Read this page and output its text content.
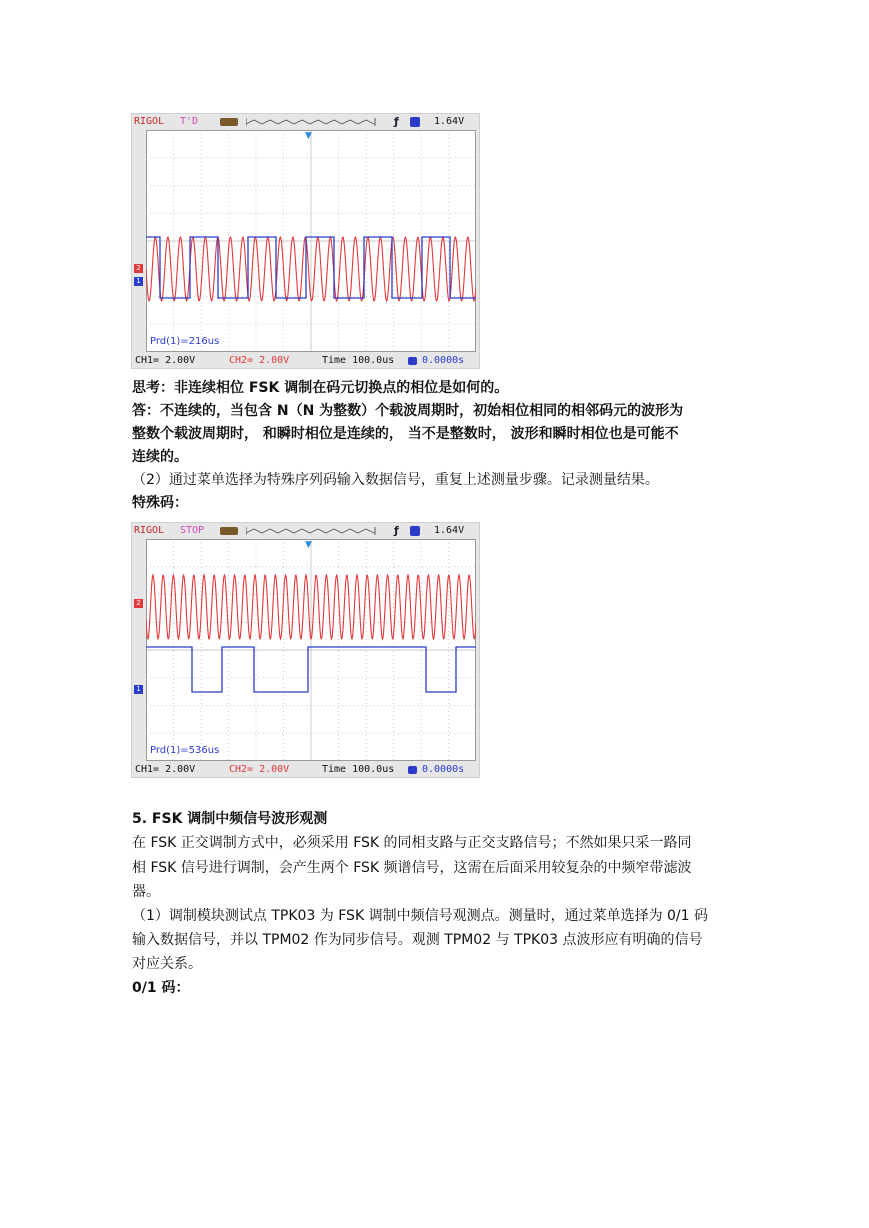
RIGOL T'D	ƒ	1.64V
Prd(1)=216us
2
1
▼
CH1= 2.00V	CH2= 2.00V	Time 100.0us	0.0000s

思考：非连续相位 FSK 调制在码元切换点的相位是如何的。

答：不连续的，当包含 N（N 为整数）个载波周期时，初始相位相同的相邻码元的波形为

整数个载波周期时， 和瞬时相位是连续的， 当不是整数时， 波形和瞬时相位也是可能不

连续的。

（2）通过菜单选择为特殊序列码输入数据信号，重复上述测量步骤。记录测量结果。

特殊码：

RIGOL STOP	ƒ	1.64V
Prd(1)=536us
2
1
▼
CH1= 2.00V	CH2= 2.00V	Time 100.0us	0.0000s

5. FSK 调制中频信号波形观测

在 FSK 正交调制方式中，必须采用 FSK 的同相支路与正交支路信号；不然如果只采一路同

相 FSK 信号进行调制，会产生两个 FSK 频谱信号，这需在后面采用较复杂的中频窄带滤波

器。

（1）调制模块测试点 TPK03 为 FSK 调制中频信号观测点。测量时，通过菜单选择为 0/1 码

输入数据信号，并以 TPM02 作为同步信号。观测 TPM02 与 TPK03 点波形应有明确的信号

对应关系。

0/1 码：
